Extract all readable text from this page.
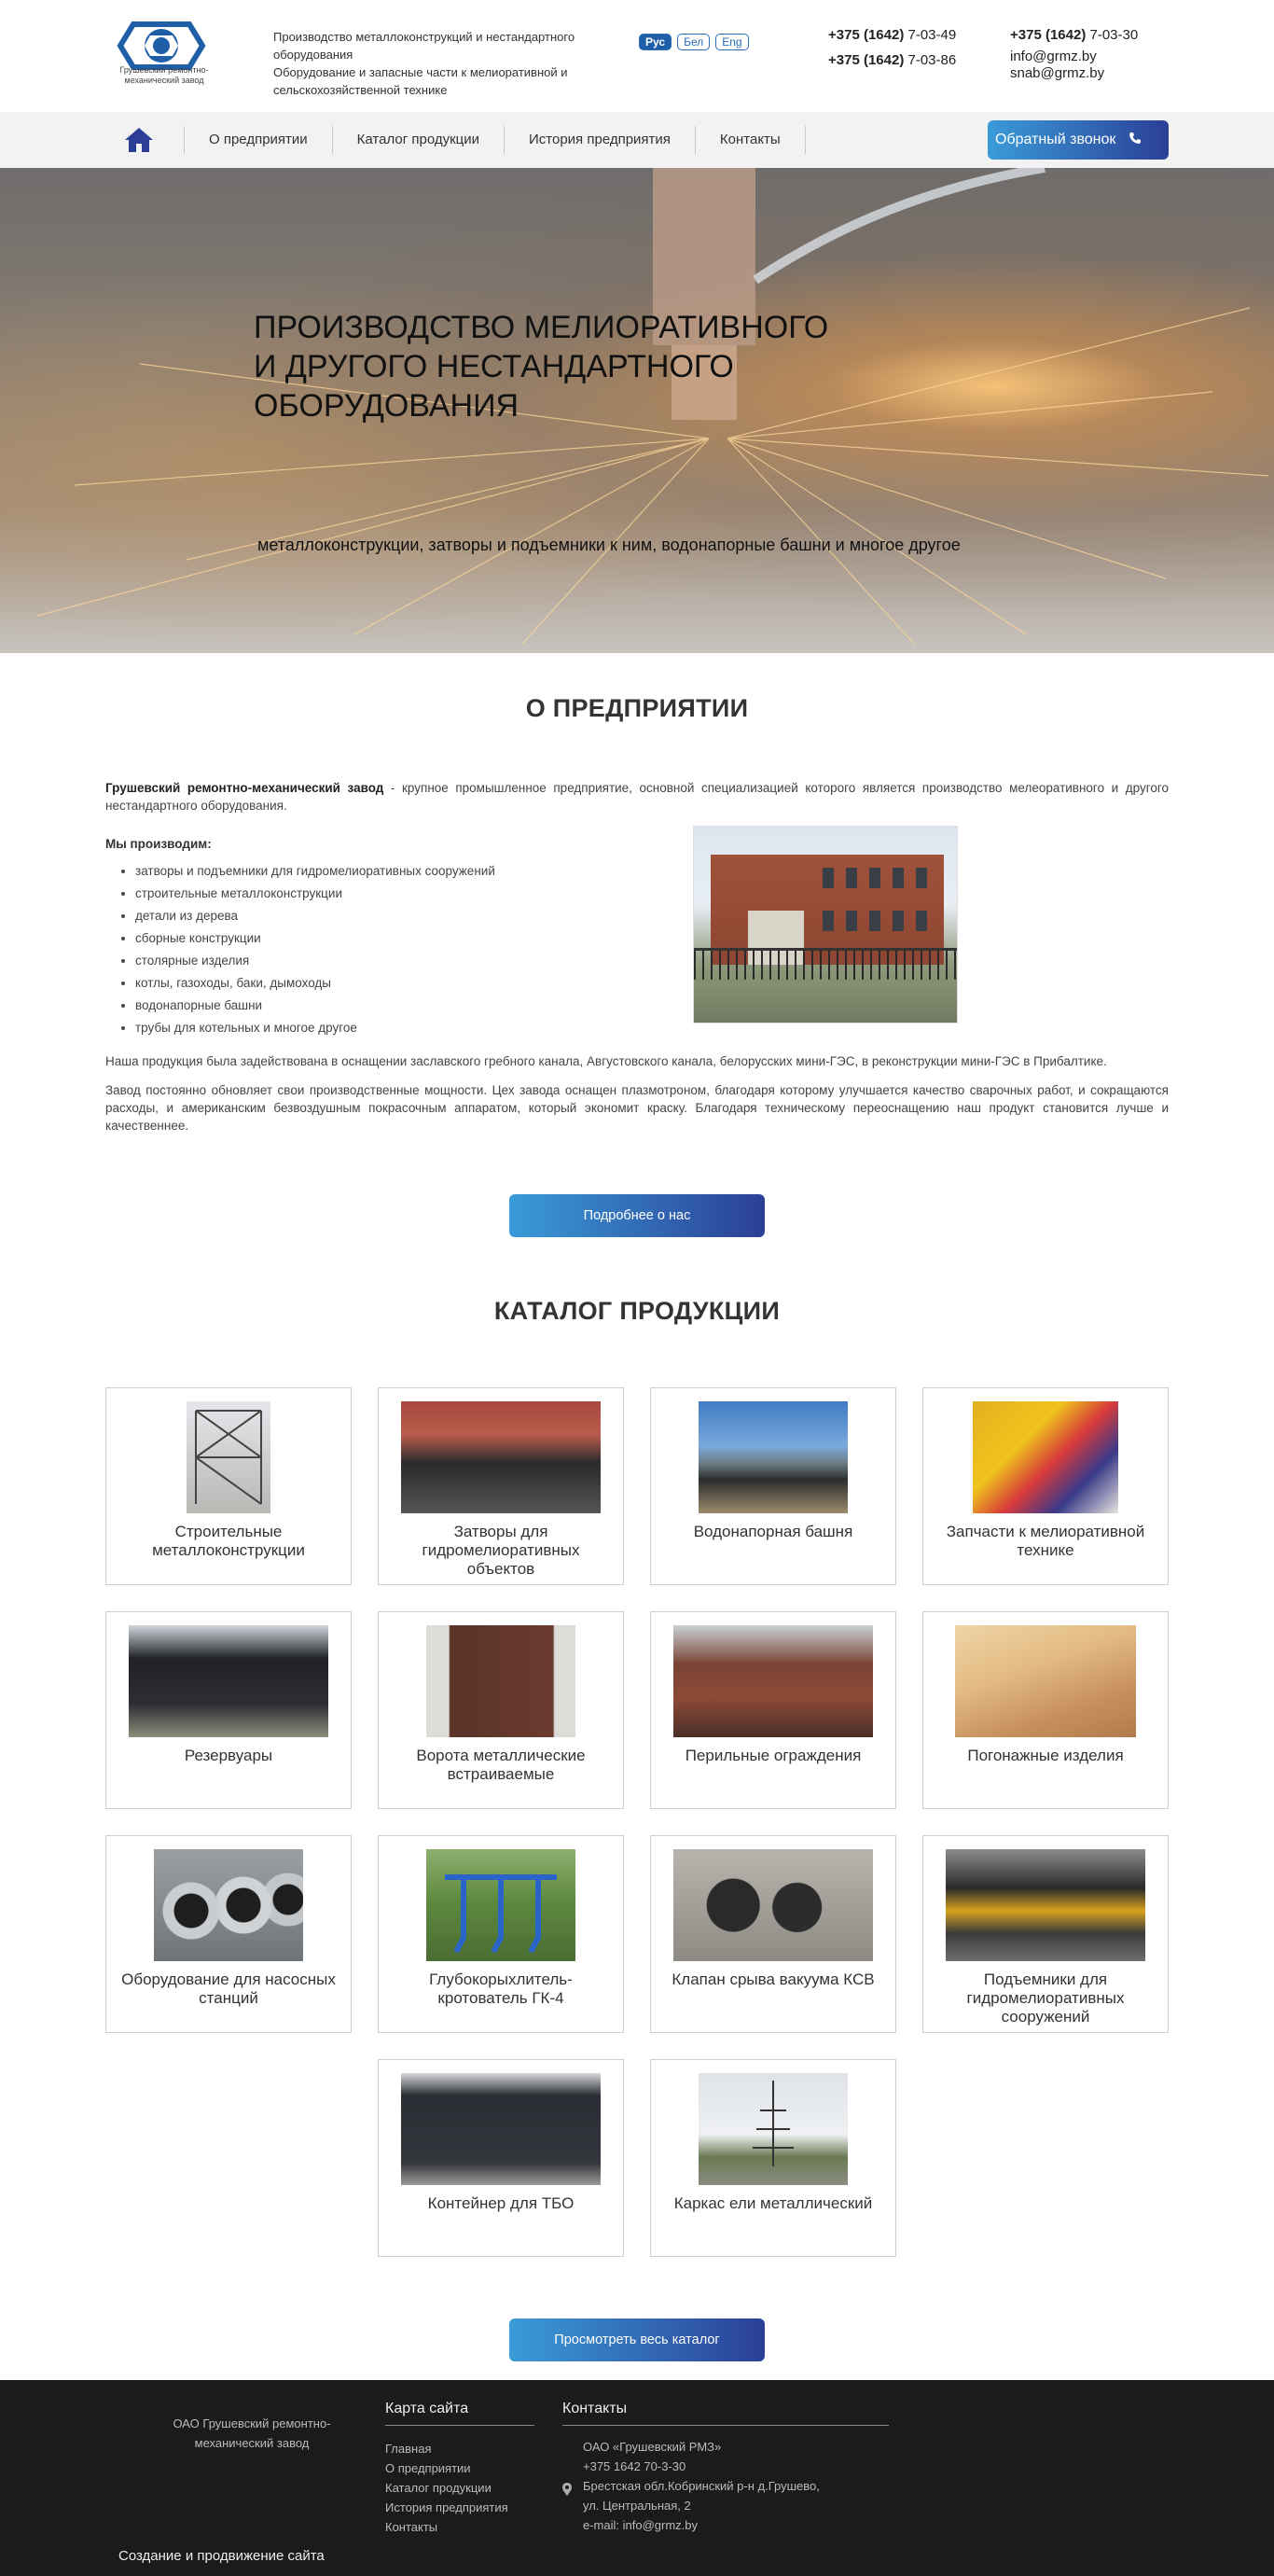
Грушевский ремонтно-механический завод
Производство металлоконструкций и нестандартного оборудования
Оборудование и запасные части к мелиоративной и сельскохозяйственной технике
Рус	Бел	Eng	+375 (1642) 7-03-49
+375 (1642) 7-03-86
+375 (1642) 7-03-30
info@grmz.by
snab@grmz.by
О предприятии	Каталог продукции	История предприятия	Контакты	Обратный звонок
ПРОИЗВОДСТВО МЕЛИОРАТИВНОГО И ДРУГОГО НЕСТАНДАРТНОГО ОБОРУДОВАНИЯ
металлоконструкции, затворы и подъемники к ним, водонапорные башни и многое другое
О ПРЕДПРИЯТИИ

Грушевский ремонтно-механический завод - крупное промышленное предприятие, основной специализацией которого является производство мелеоративного и другого нестандартного оборудования.

Мы производим:
• затворы и подъемники для гидромелиоративных сооружений
• строительные металлоконструкции
• детали из дерева
• сборные конструкции
• столярные изделия
• котлы, газоходы, баки, дымоходы
• водонапорные башни
• трубы для котельных и многое другое

Наша продукция была задействована в оснащении заславского гребного канала, Августовского канала, белорусских мини-ГЭС, в реконструкции мини-ГЭС в Прибалтике.

Завод постоянно обновляет свои производственные мощности. Цех завода оснащен плазмотроном, благодаря которому улучшается качество сварочных работ, и сокращаются расходы, и американским безвоздушным покрасочным аппаратом, который экономит краску. Благодаря техническому переоснащению наш продукт становится лучше и качественнее.

Подробнее о нас
КАТАЛОГ ПРОДУКЦИИ
Строительные металлоконструкции
Затворы для гидромелиоративных объектов
Водонапорная башня	Запчасти к мелиоративной технике
Резервуары	Ворота металлические встраиваемые
Перильные ограждения	Погонажные изделия
Оборудование для насосных станций
Глубокорыхлитель-кротователь ГК-4
Клапан срыва вакуума КСВ	Подъемники для гидромелиоративных сооружений
Контейнер для ТБО	Каркас ели металлический
Просмотреть весь каталог
ОАО Грушевский ремонтно-механический завод
Карта сайта
Главная
О предприятии
Каталог продукции
История предприятия
Контакты
Контакты
ОАО «Грушевский РМЗ»
+375 1642 70-3-30
Брестская обл.Кобринский р-н д.Грушево,
ул. Центральная, 2
e-mail: info@grmz.by
Создание и продвижение сайта
